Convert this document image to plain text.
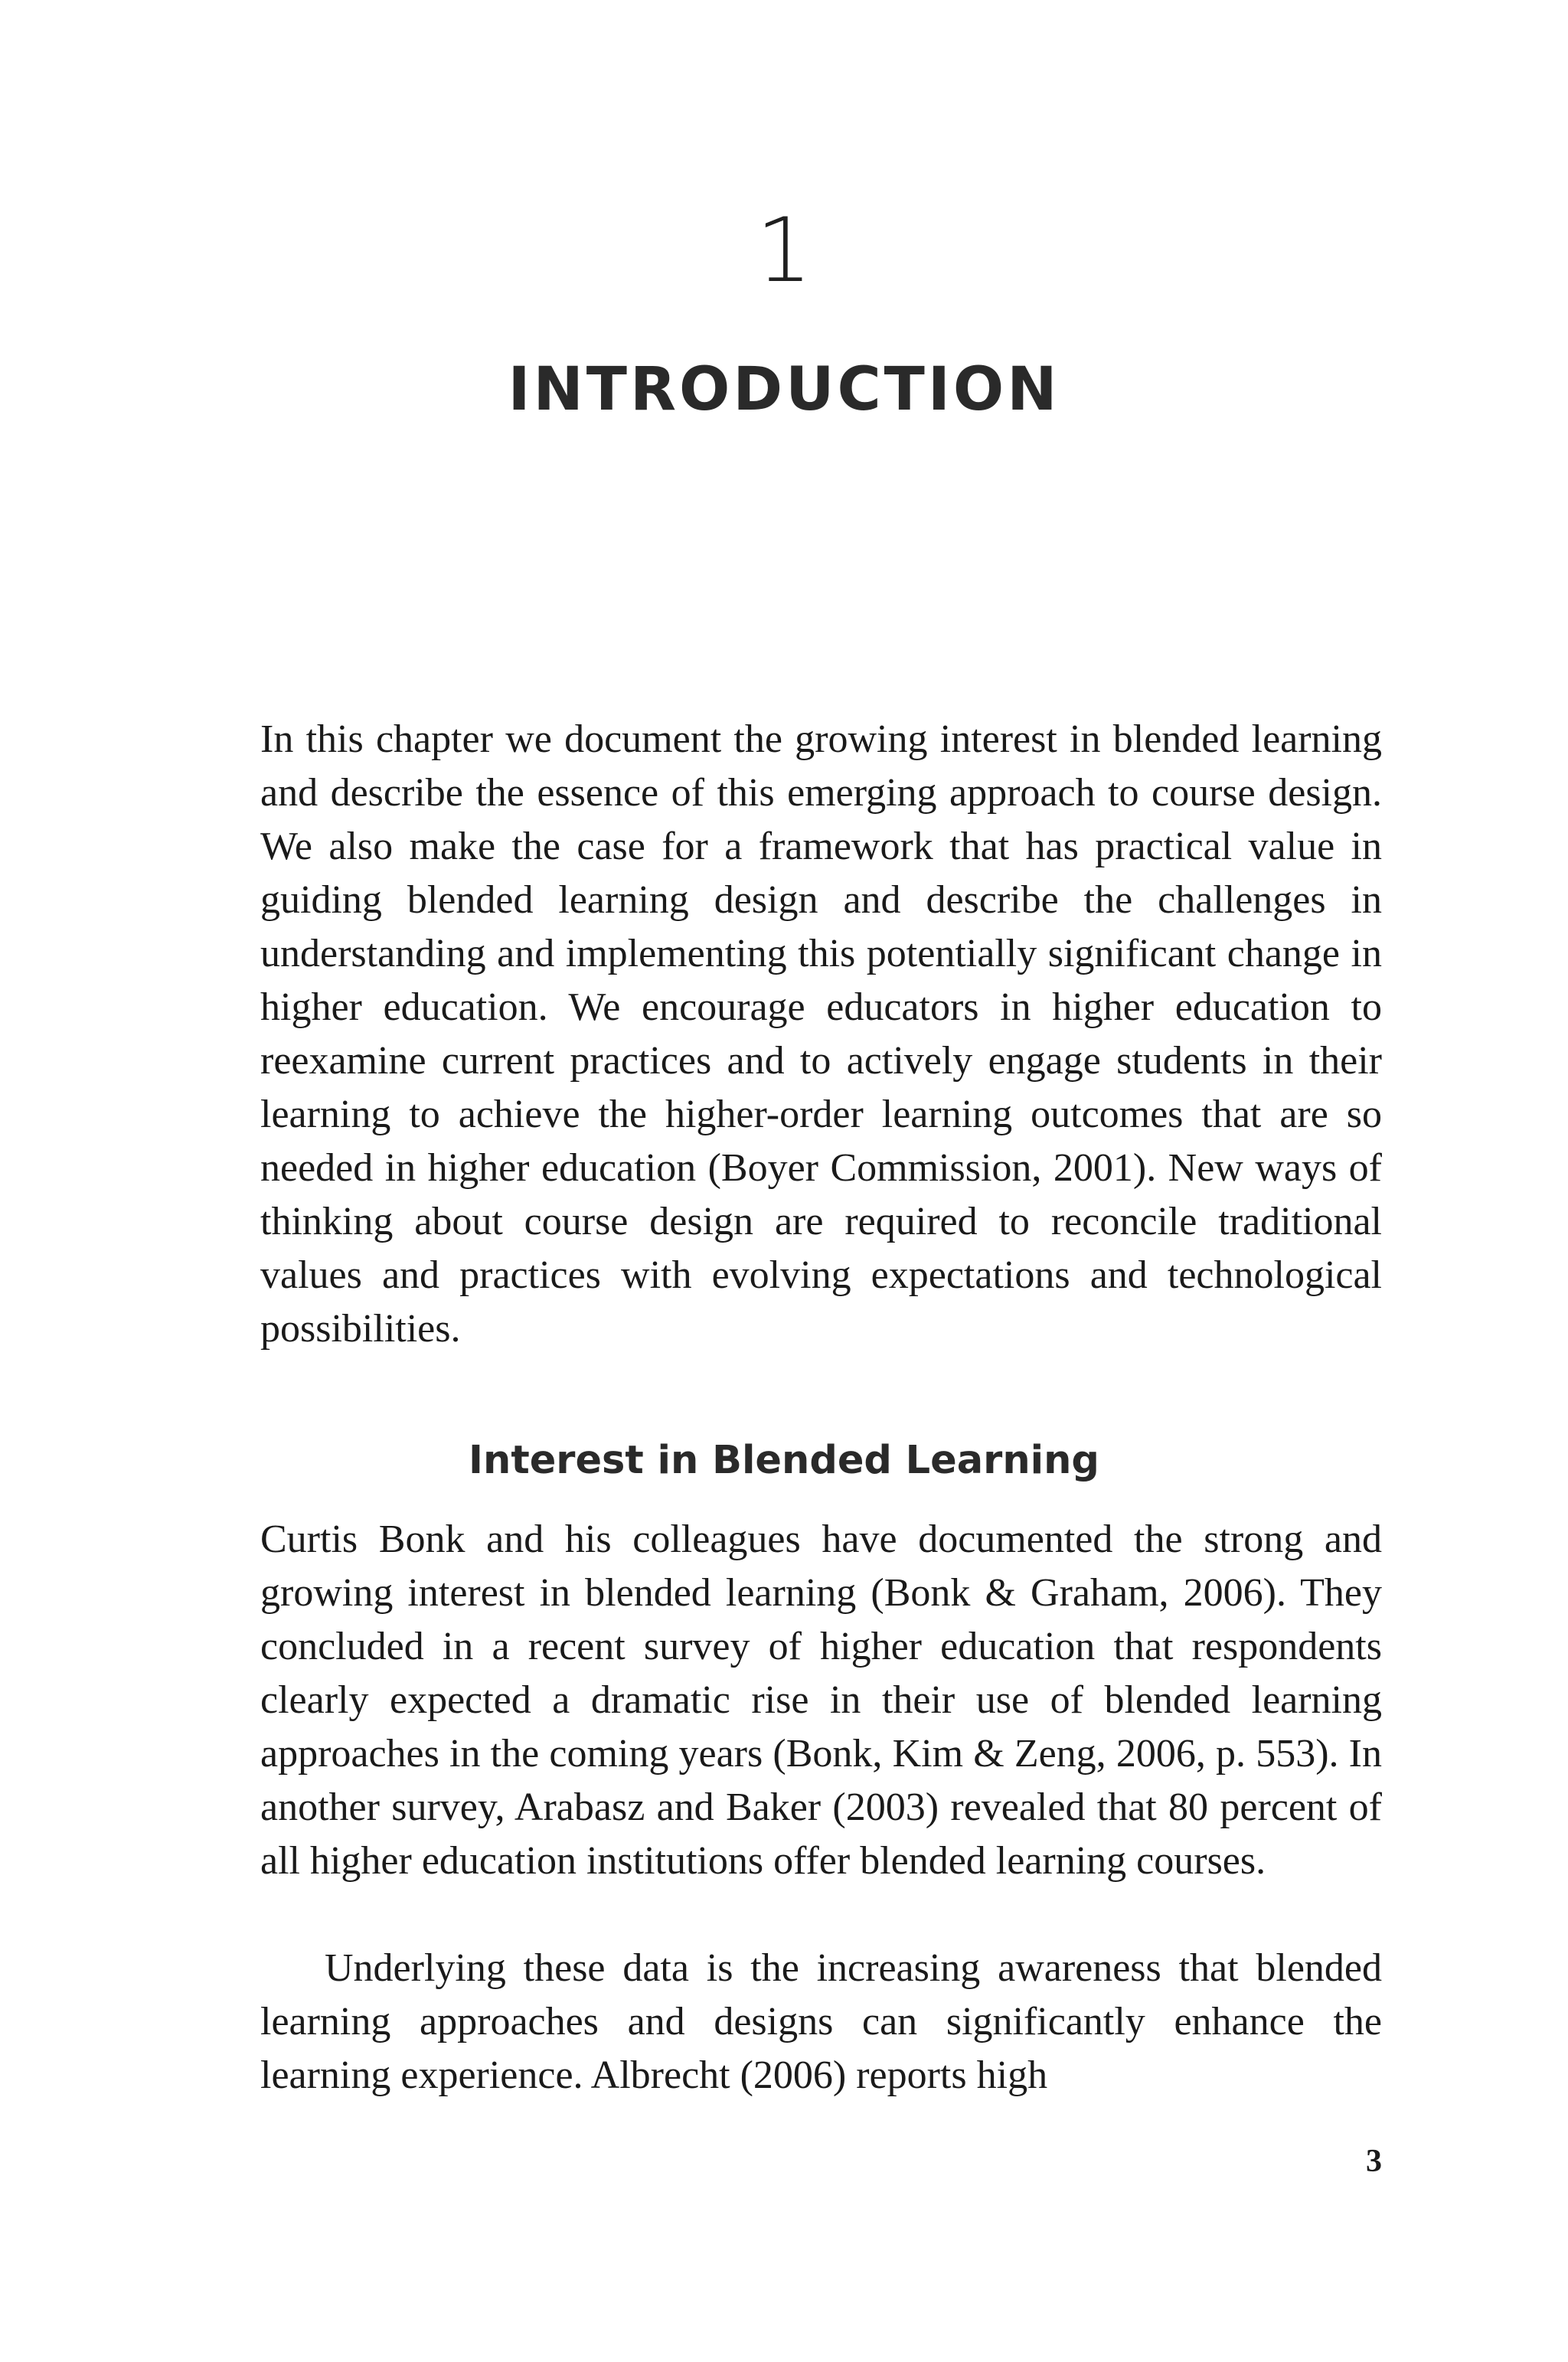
1
INTRODUCTION

In this chapter we document the growing interest in blended learning and describe the essence of this emerging approach to course design. We also make the case for a framework that has practical value in guiding blended learning design and describe the challenges in understanding and implementing this potentially significant change in higher education. We encourage educators in higher education to reexamine current practices and to actively engage students in their learning to achieve the higher-order learning outcomes that are so needed in higher education (Boyer Commission, 2001). New ways of thinking about course design are required to reconcile traditional values and practices with evolving expectations and technological possibilities.

Interest in Blended Learning

Curtis Bonk and his colleagues have documented the strong and growing interest in blended learning (Bonk & Graham, 2006). They concluded in a recent survey of higher education that respondents clearly expected a dramatic rise in their use of blended learning approaches in the coming years (Bonk, Kim & Zeng, 2006, p. 553). In another survey, Arabasz and Baker (2003) revealed that 80 percent of all higher education institutions offer blended learning courses.

Underlying these data is the increasing awareness that blended learning approaches and designs can significantly enhance the learning experience. Albrecht (2006) reports high

3
